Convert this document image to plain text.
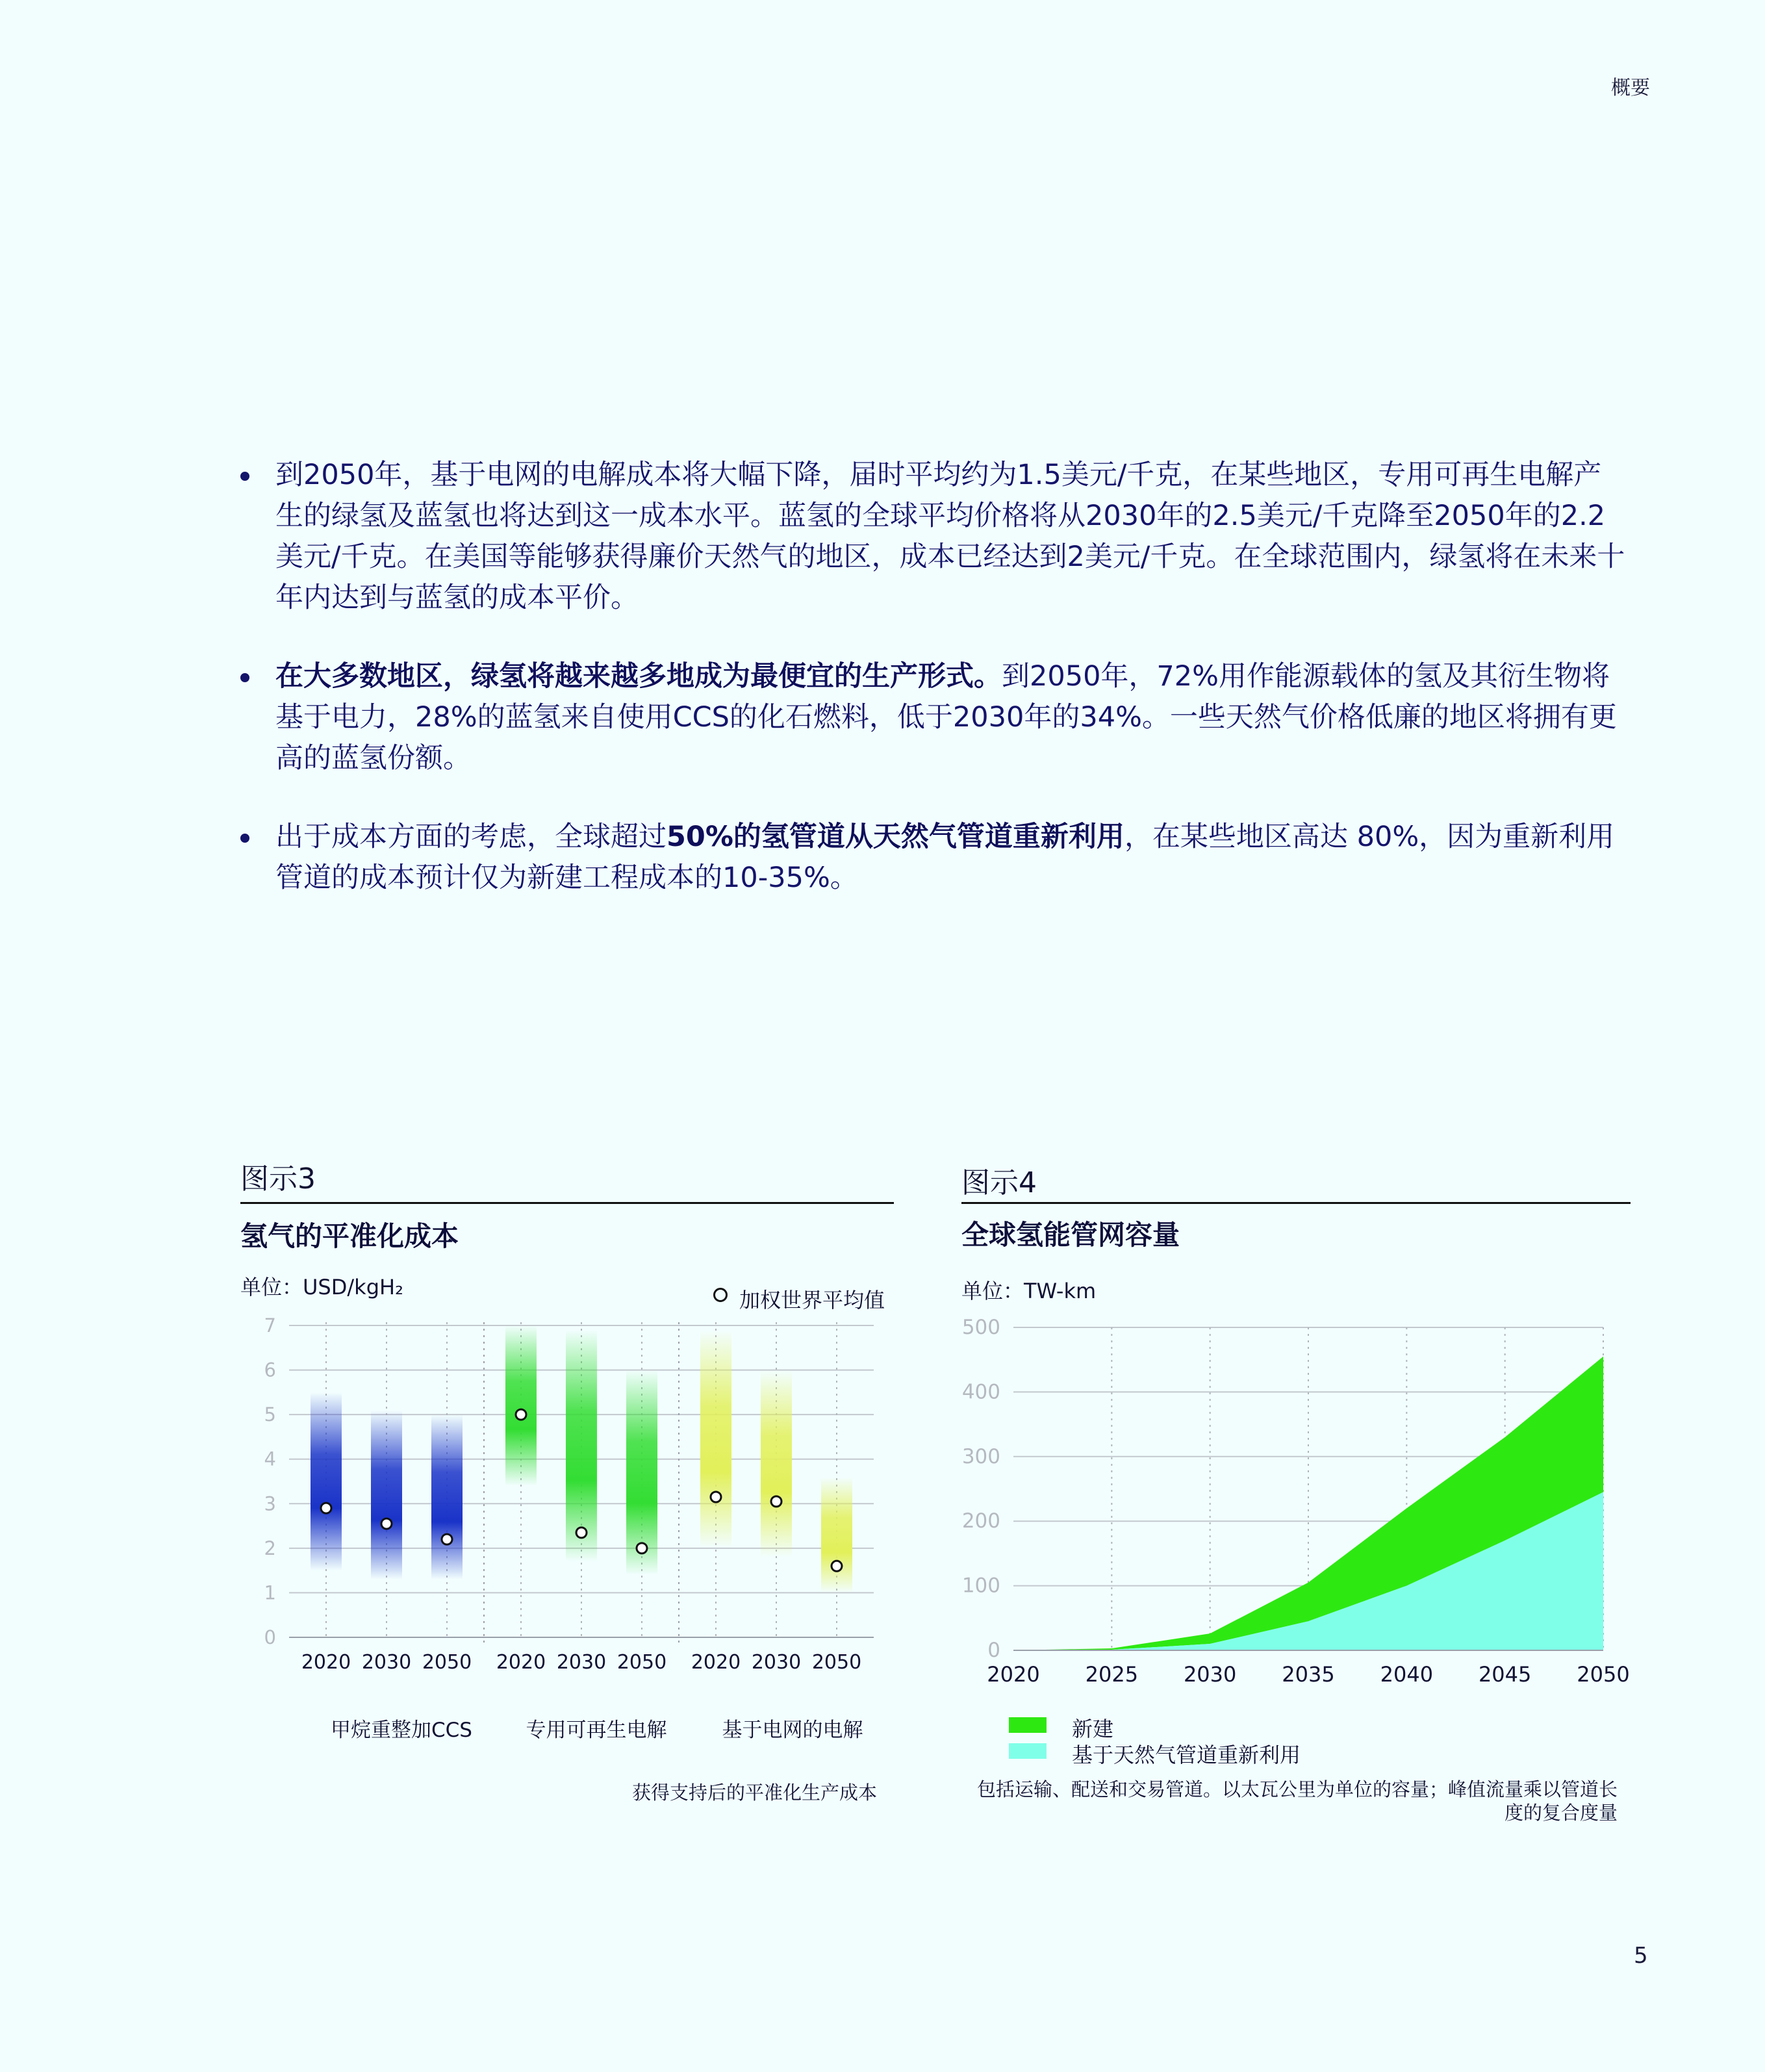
概要
到2050年，基于电网的电解成本将大幅下降，届时平均约为1.5美元/千克，在某些地区，专用可再生电解产生的绿氢及蓝氢也将达到这一成本水平。蓝氢的全球平均价格将从2030年的2.5美元/千克降至2050年的2.2美元/千克。在美国等能够获得廉价天然气的地区，成本已经达到2美元/千克。在全球范围内，绿氢将在未来十年内达到与蓝氢的成本平价。
在大多数地区，绿氢将越来越多地成为最便宜的生产形式。到2050年，72%用作能源载体的氢及其衍生物将基于电力，28%的蓝氢来自使用CCS的化石燃料，低于2030年的34%。一些天然气价格低廉的地区将拥有更高的蓝氢份额。
出于成本方面的考虑，全球超过50%的氢管道从天然气管道重新利用，在某些地区高达 80%，因为重新利用管道的成本预计仅为新建工程成本的10-35%。
图示3
氢气的平准化成本
单位：USD/kgH₂
加权世界平均值
0
1
2
3
4
5
6
7
2020 2030 2050 2020 2030 2050 2020 2030 2050
甲烷重整加CCS	专用可再生电解	基于电网的电解
获得支持后的平准化生产成本
图示4
全球氢能管网容量
单位：TW-km
0
100
200
300
400
500
2020 2025 2030 2035 2040 2045 2050
新建
基于天然气管道重新利用
包括运输、配送和交易管道。以太瓦公里为单位的容量；峰值流量乘以管道长
度的复合度量
5
